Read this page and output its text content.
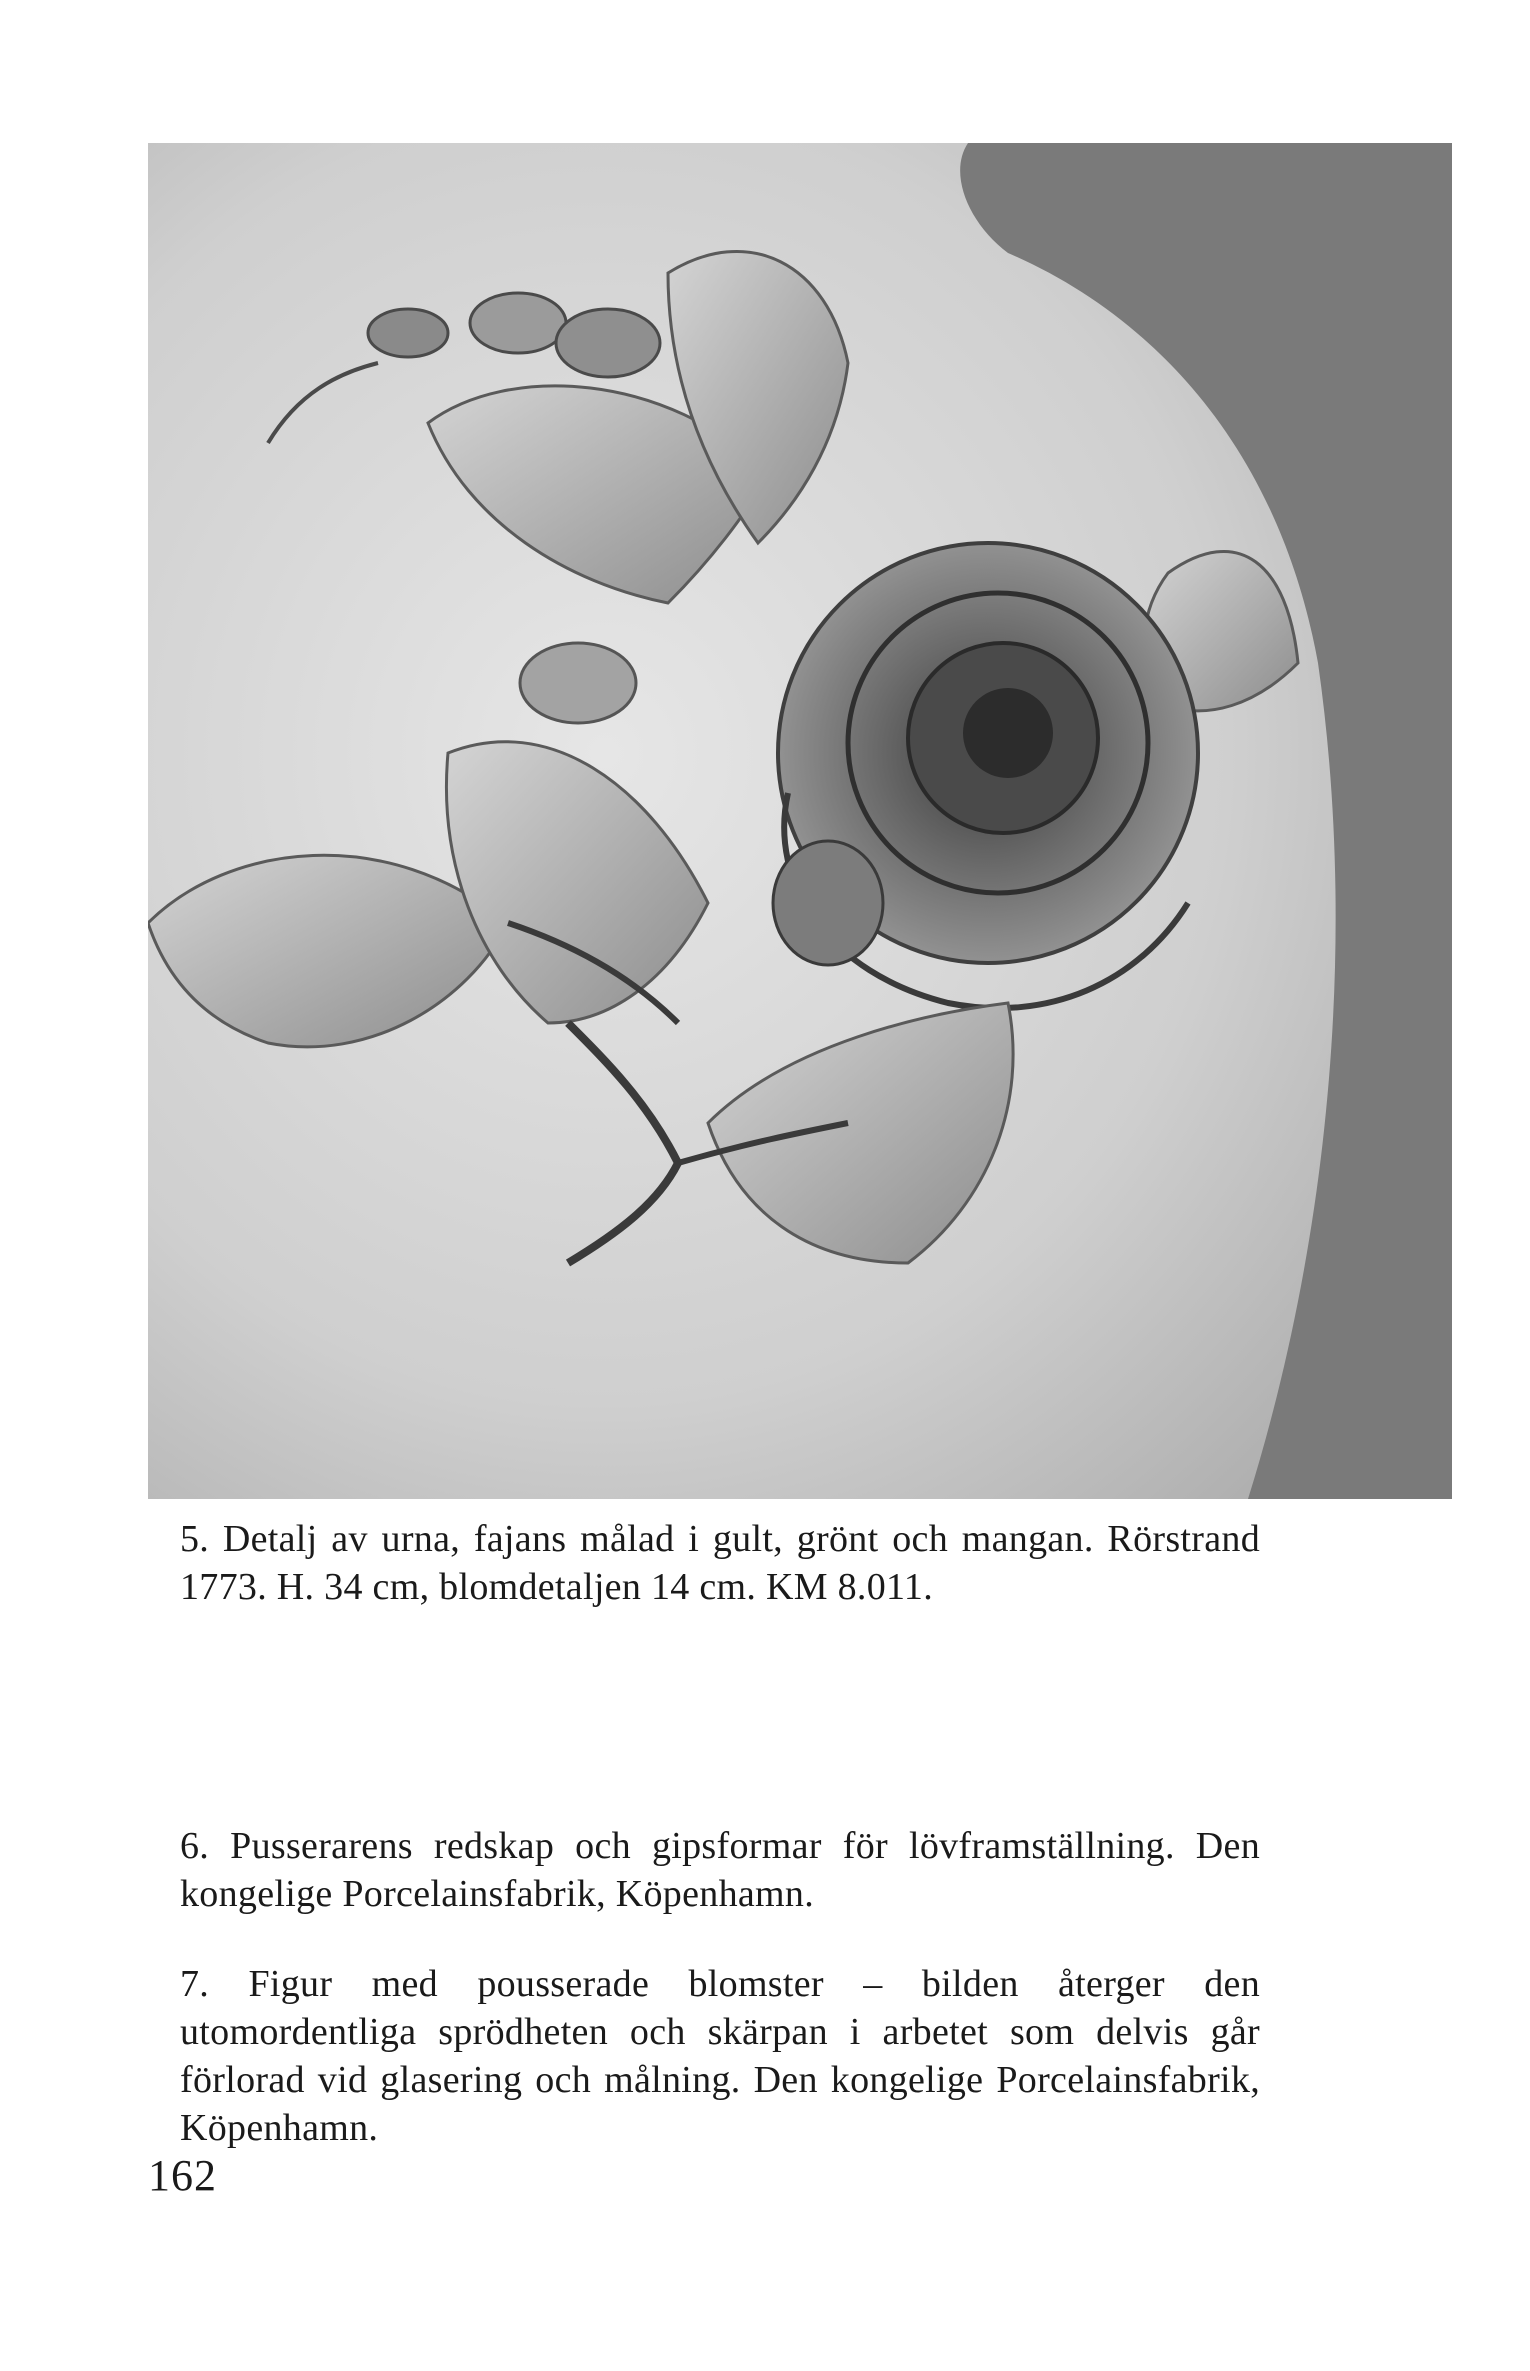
5. Detalj av urna, fajans målad i gult, grönt och mangan. Rörstrand 1773. H. 34 cm, blomdetaljen 14 cm. KM 8.011.

6. Pusserarens redskap och gipsformar för lövframställning. Den kongelige Porcelainsfabrik, Köpenhamn.

7. Figur med pousserade blomster – bilden återger den utomordentliga sprödheten och skärpan i arbetet som delvis går förlorad vid glasering och målning. Den kongelige Porcelainsfabrik, Köpenhamn.

162
